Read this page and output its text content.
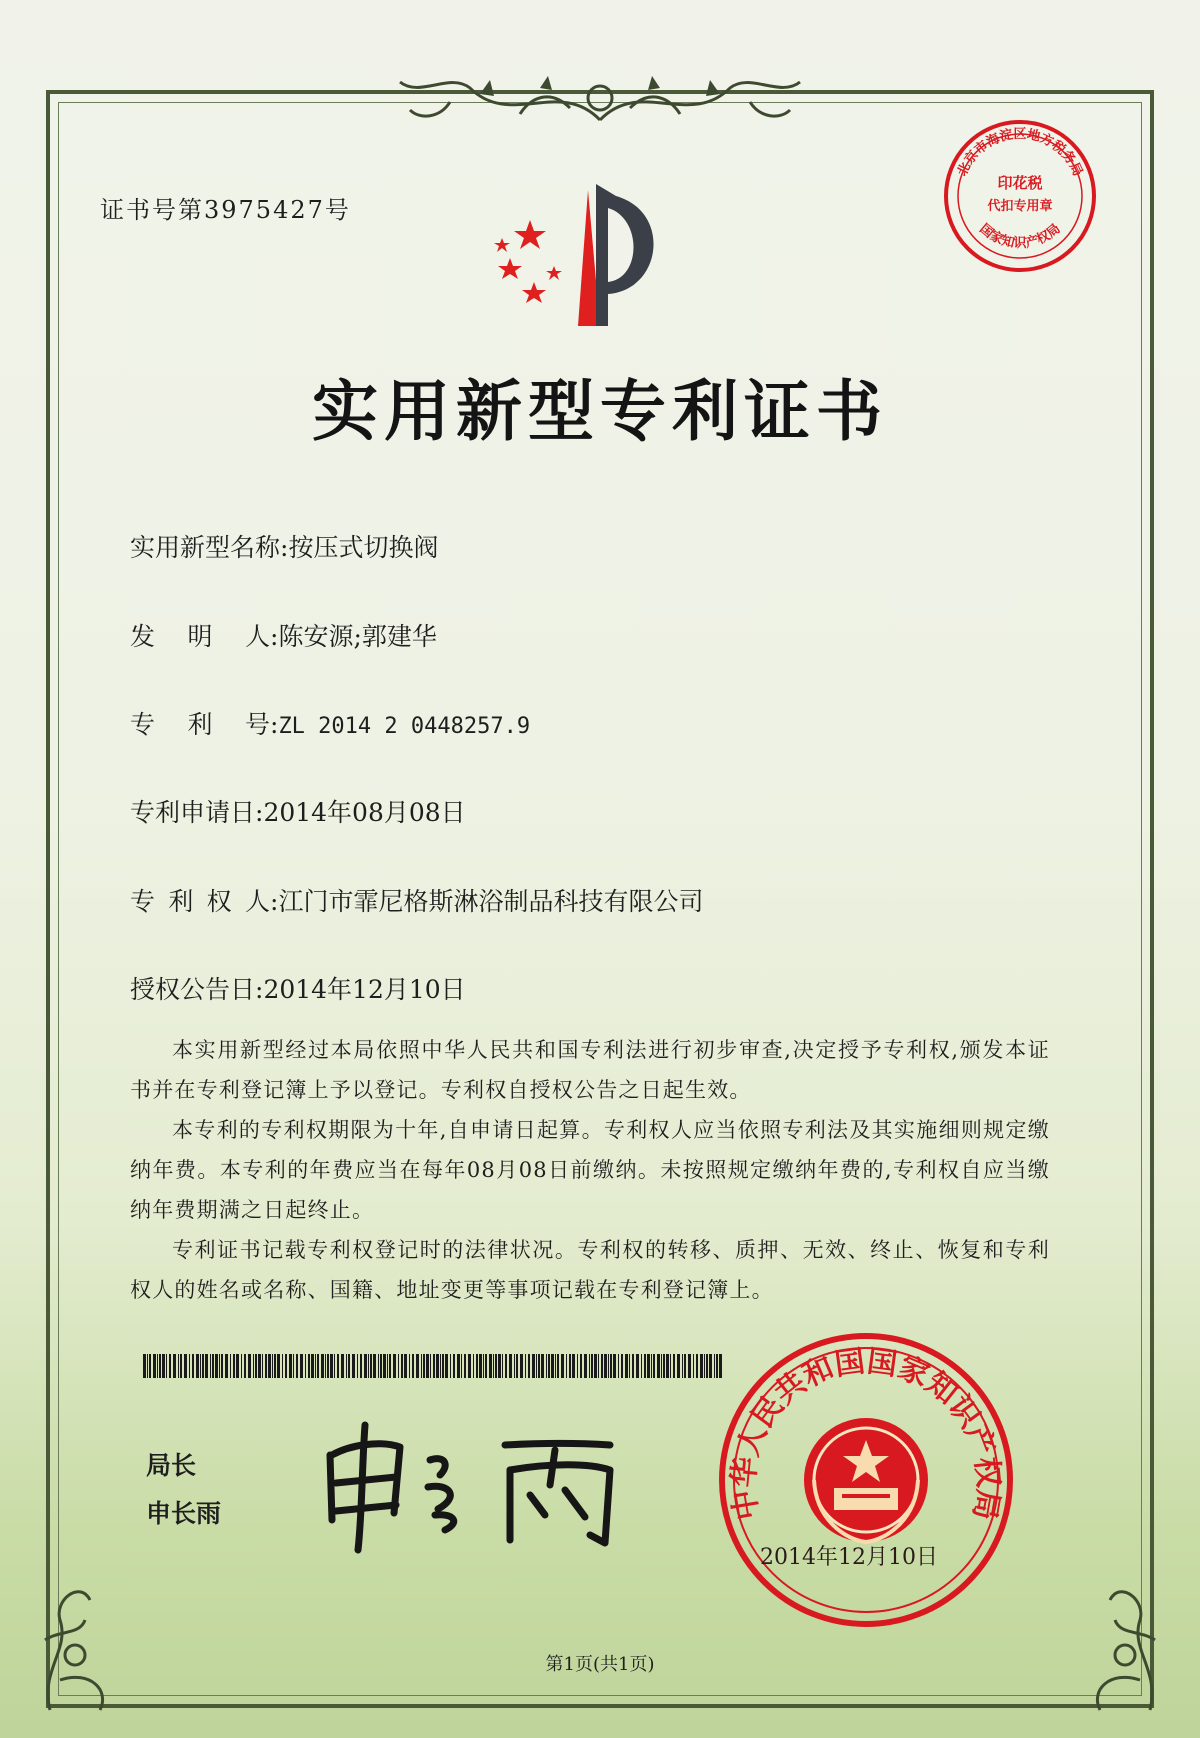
证书号第3975427号
北京市海淀区地方税务局
印花税
代扣专用章
国家知识产权局
实用新型专利证书
实用新型名称:按压式切换阀
发 明 人 :陈安源;郭建华
专 利 号 :ZL 2014 2 0448257.9
专利申请日:2014年08月08日
专 利 权 人 :江门市霏尼格斯淋浴制品科技有限公司
授权公告日:2014年12月10日

本实用新型经过本局依照中华人民共和国专利法进行初步审查,决定授予专利权,颁发本证书并在专利登记簿上予以登记。专利权自授权公告之日起生效。

本专利的专利权期限为十年,自申请日起算。专利权人应当依照专利法及其实施细则规定缴纳年费。本专利的年费应当在每年08月08日前缴纳。未按照规定缴纳年费的,专利权自应当缴纳年费期满之日起终止。

专利证书记载专利权登记时的法律状况。专利权的转移、质押、无效、终止、恢复和专利权人的姓名或名称、国籍、地址变更等事项记载在专利登记簿上。

局长
申长雨	中华人民共和国国家知识产权局
2014年12月10日
第1页(共1页)
